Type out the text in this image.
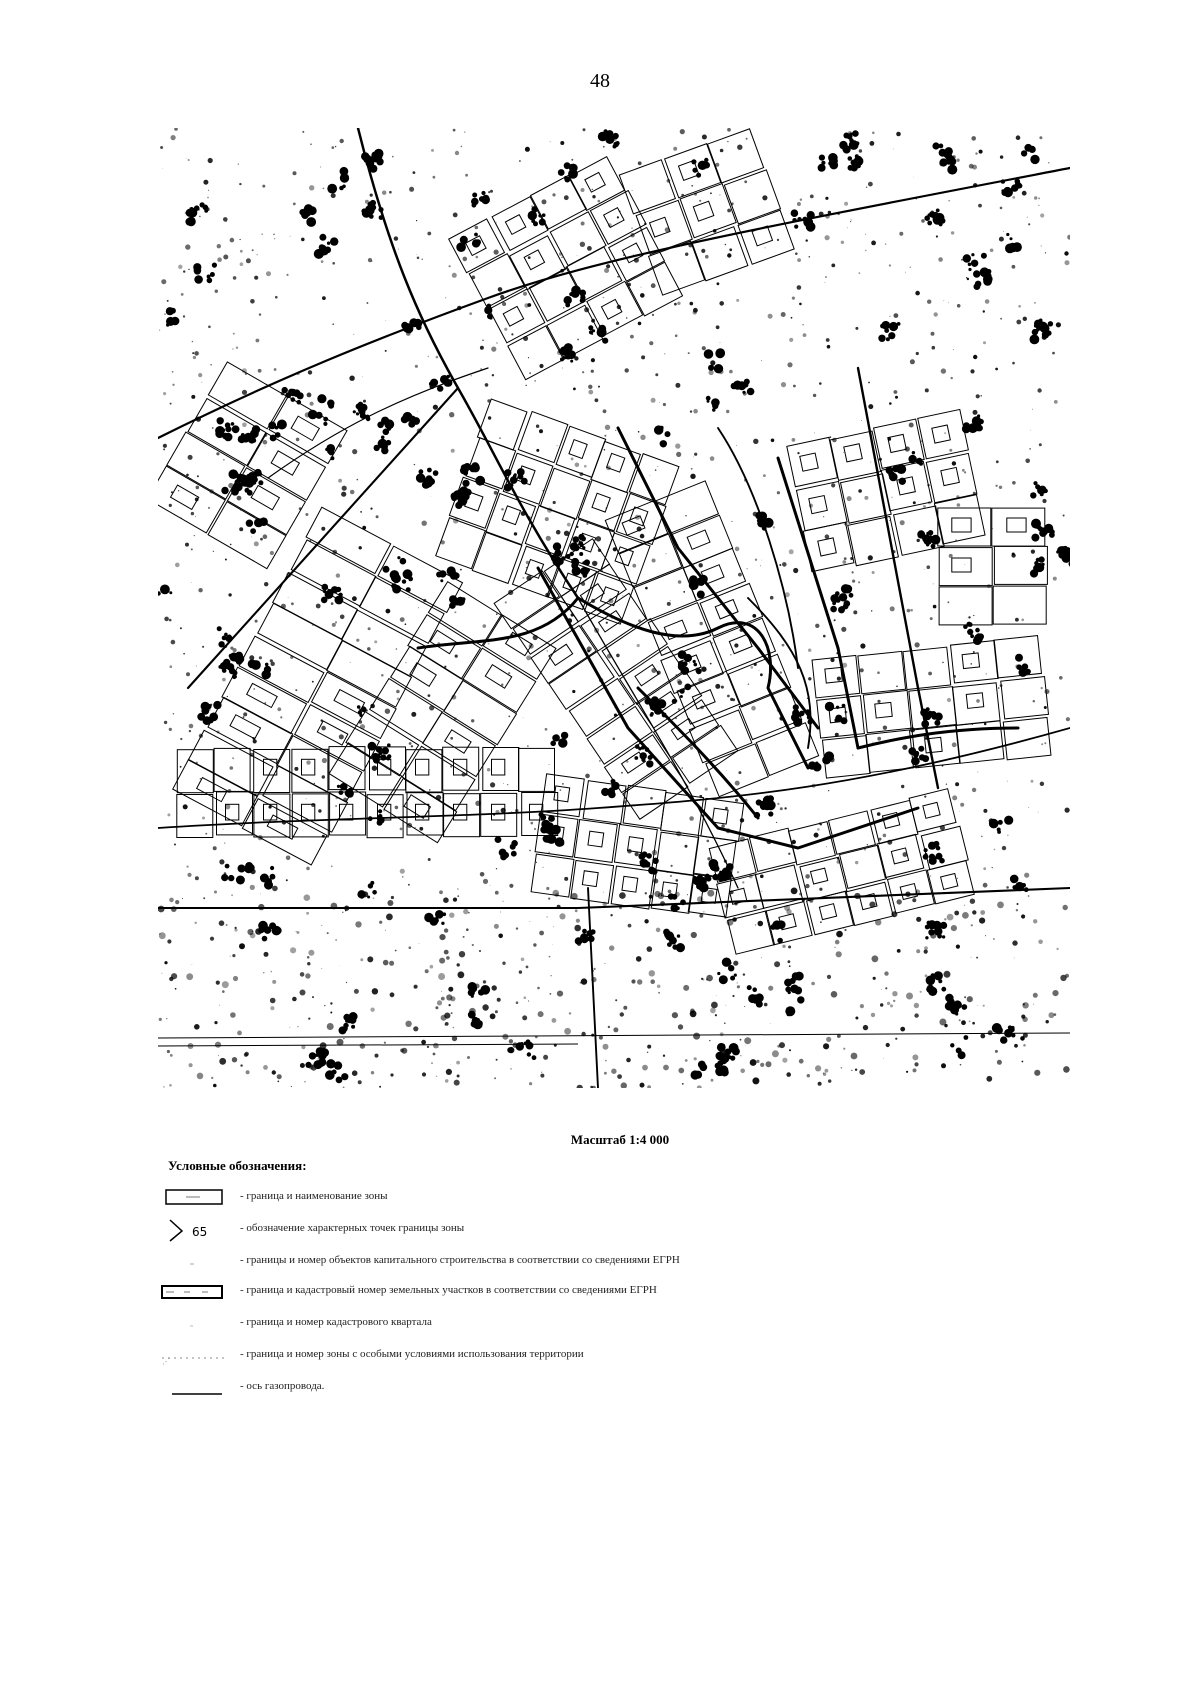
48
Масштаб 1:4 000
Условные обозначения:
- граница и наименование зоны
65	- обозначение характерных точек границы зоны
- границы и номер объектов капитального строительства в соответствии со сведениями ЕГРН
- граница и кадастровый номер земельных участков в соответствии со сведениями ЕГРН
- граница и номер кадастрового квартала
⋰
- граница и номер зоны с особыми условиями использования территории
- ось газопровода.
